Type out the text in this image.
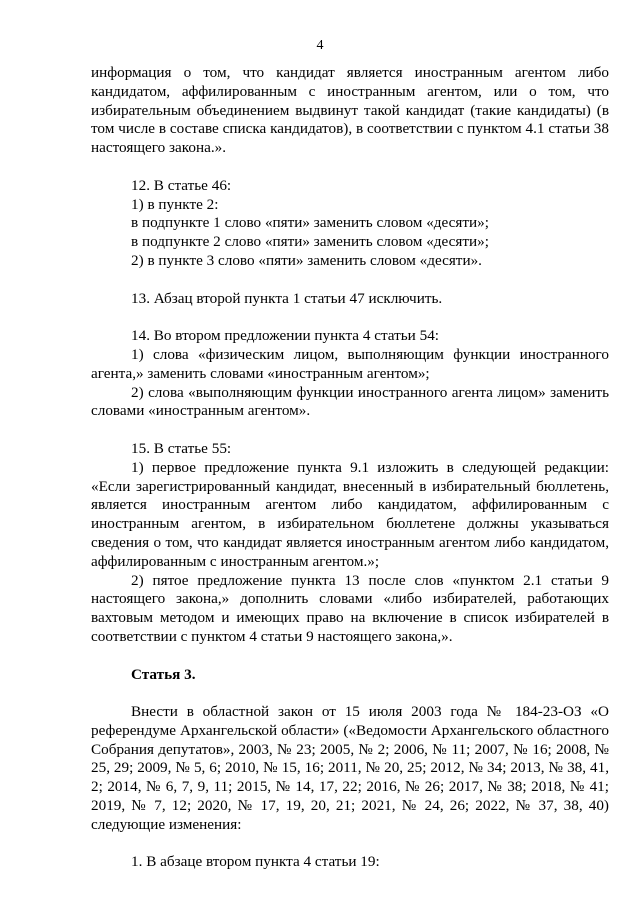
4

информация о том, что кандидат является иностранным агентом либо кандидатом, аффилированным с иностранным агентом, или о том, что избирательным объединением выдвинут такой кандидат (такие кандидаты) (в том числе в составе списка кандидатов), в соответствии с пунктом 4.1 статьи 38 настоящего закона.».

12. В статье 46:

1) в пункте 2:

в подпункте 1 слово «пяти» заменить словом «десяти»;

в подпункте 2 слово «пяти» заменить словом «десяти»;

2) в пункте 3 слово «пяти» заменить словом «десяти».

13. Абзац второй пункта 1 статьи 47 исключить.

14. Во втором предложении пункта 4 статьи 54:

1) слова «физическим лицом, выполняющим функции иностранного агента,» заменить словами «иностранным агентом»;

2) слова «выполняющим функции иностранного агента лицом» заменить словами «иностранным агентом».

15. В статье 55:

1) первое предложение пункта 9.1 изложить в следующей редакции: «Если зарегистрированный кандидат, внесенный в избирательный бюллетень, является иностранным агентом либо кандидатом, аффилированным с иностранным агентом, в избирательном бюллетене должны указываться сведения о том, что кандидат является иностранным агентом либо кандидатом, аффилированным с иностранным агентом.»;

2) пятое предложение пункта 13 после слов «пунктом 2.1 статьи 9 настоящего закона,» дополнить словами «либо избирателей, работающих вахтовым методом и имеющих право на включение в список избирателей в соответствии с пунктом 4 статьи 9 настоящего закона,».

Статья 3.

Внести в областной закон от 15 июля 2003 года № 184-23-ОЗ «О референдуме Архангельской области» («Ведомости Архангельского областного Собрания депутатов», 2003, № 23; 2005, № 2; 2006, № 11; 2007, № 16; 2008, № 25, 29; 2009, № 5, 6; 2010, № 15, 16; 2011, № 20, 25; 2012, № 34; 2013, № 38, 41, 2; 2014, № 6, 7, 9, 11; 2015, № 14, 17, 22; 2016, № 26; 2017, № 38; 2018, № 41; 2019, № 7, 12; 2020, № 17, 19, 20, 21; 2021, № 24, 26; 2022, № 37, 38, 40) следующие изменения:

1. В абзаце втором пункта 4 статьи 19:
